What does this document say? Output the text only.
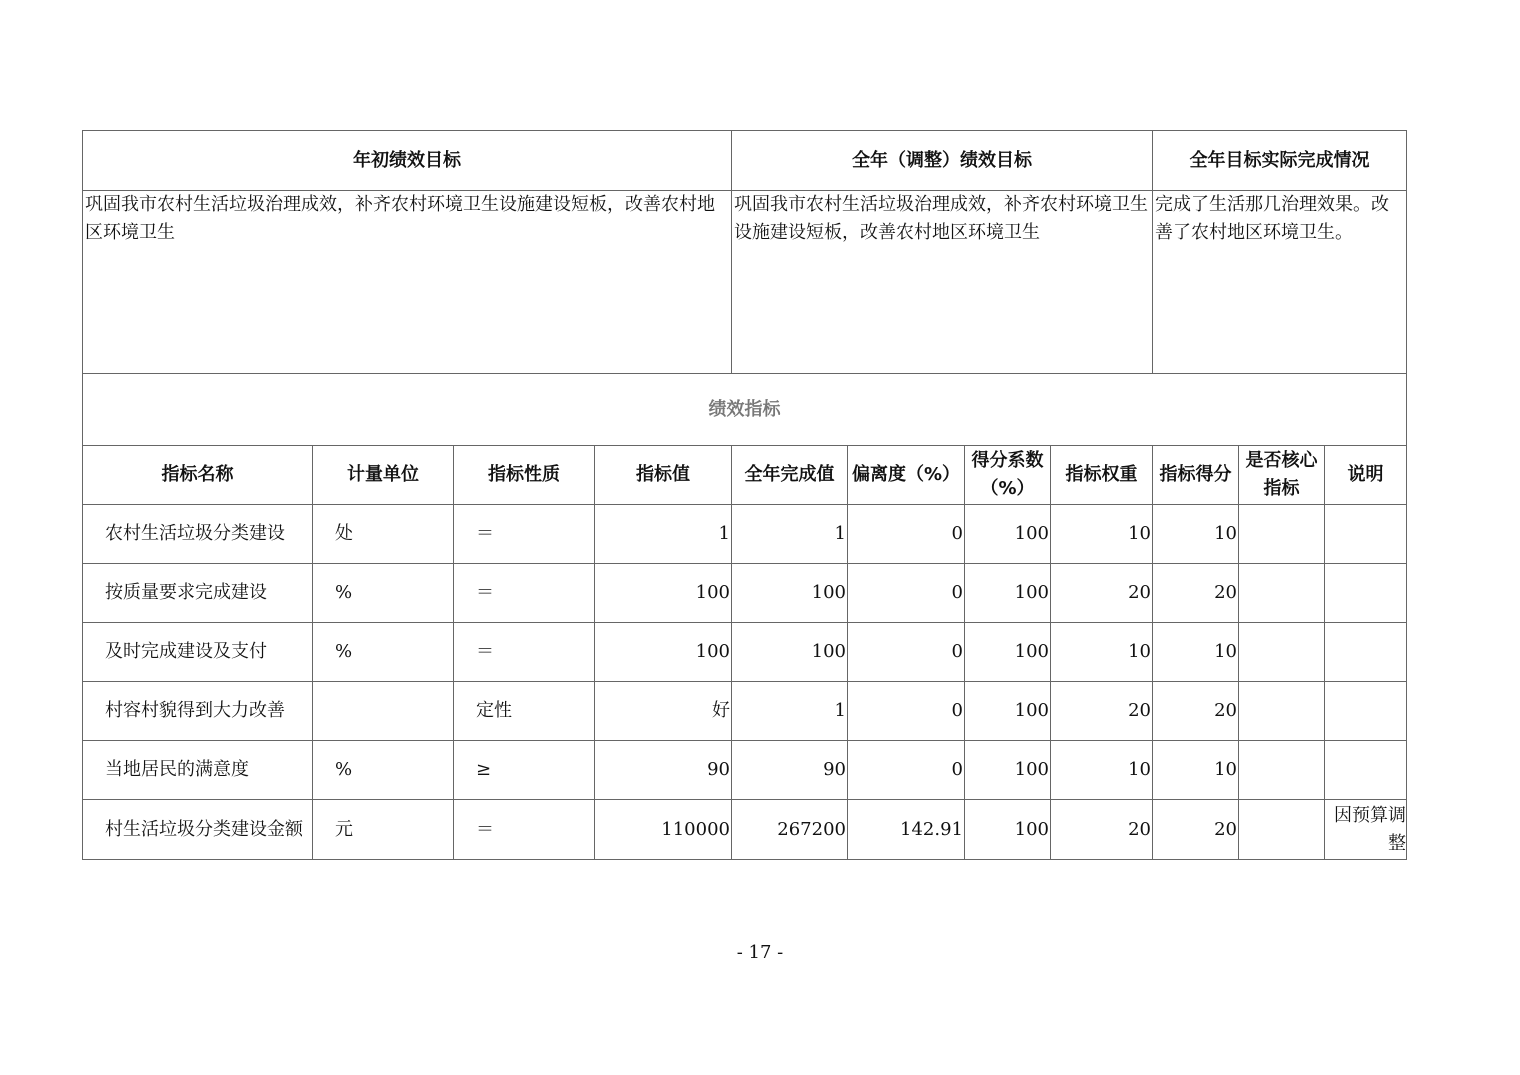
年初绩效目标				全年（调整）绩效目标				全年目标实际完成情况		
巩固我市农村生活垃圾治理成效，补齐农村环境卫生设施建设短板，改善农村地区环境卫生				巩固我市农村生活垃圾治理成效，补齐农村环境卫生设施建设短板，改善农村地区环境卫生				完成了生活那几治理效果。改善了农村地区环境卫生。		
绩效指标										
指标名称	计量单位	指标性质	指标值	全年完成值	偏离度（%）	得分系数（%）	指标权重	指标得分	是否核心指标	说明
农村生活垃圾分类建设	处	＝	1	1	0	100	10	10		
按质量要求完成建设	%	＝	100	100	0	100	20	20		
及时完成建设及支付	%	＝	100	100	0	100	10	10		
村容村貌得到大力改善		定性	好	1	0	100	20	20		
当地居民的满意度	%	≥	90	90	0	100	10	10		
村生活垃圾分类建设金额	元	＝	110000	267200	142.91	100	20	20		因预算调整
- 17 -
